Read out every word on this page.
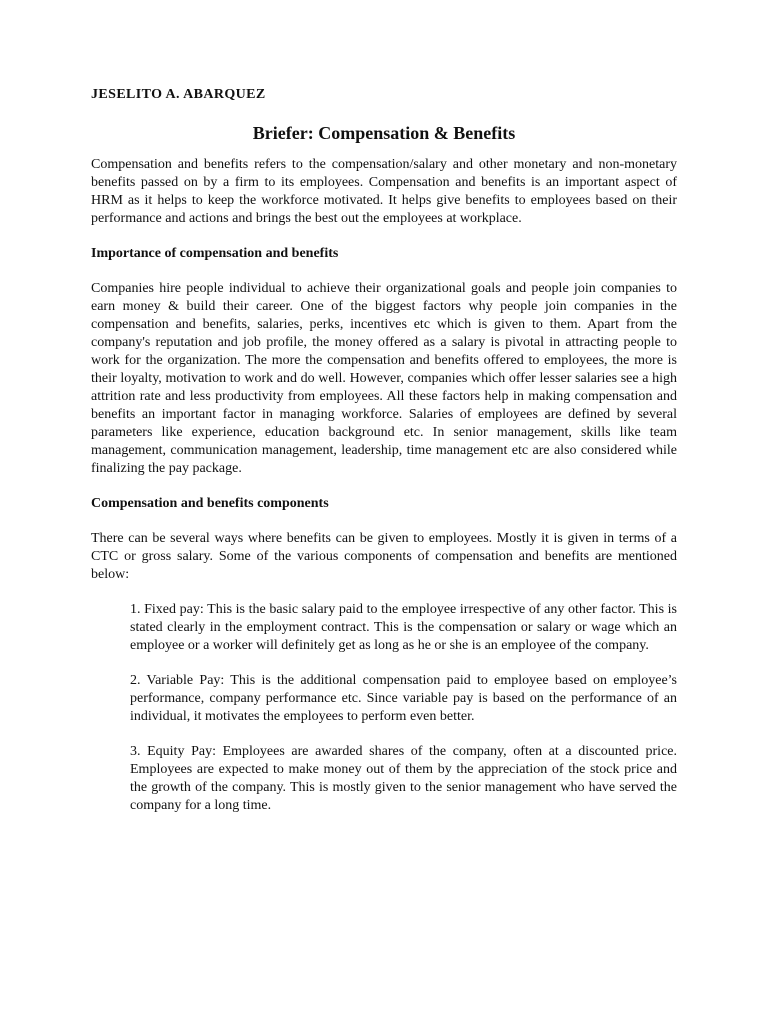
JESELITO A. ABARQUEZ
Briefer: Compensation & Benefits

Compensation and benefits refers to the compensation/salary and other monetary and non-monetary benefits passed on by a firm to its employees. Compensation and benefits is an important aspect of HRM as it helps to keep the workforce motivated. It helps give benefits to employees based on their performance and actions and brings the best out the employees at workplace.

Importance of compensation and benefits

Companies hire people individual to achieve their organizational goals and people join companies to earn money & build their career. One of the biggest factors why people join companies in the compensation and benefits, salaries, perks, incentives etc which is given to them. Apart from the company's reputation and job profile, the money offered as a salary is pivotal in attracting people to work for the organization. The more the compensation and benefits offered to employees, the more is their loyalty, motivation to work and do well. However, companies which offer lesser salaries see a high attrition rate and less productivity from employees. All these factors help in making compensation and benefits an important factor in managing workforce. Salaries of employees are defined by several parameters like experience, education background etc. In senior management, skills like team management, communication management, leadership, time management etc are also considered while finalizing the pay package.

Compensation and benefits components

There can be several ways where benefits can be given to employees. Mostly it is given in terms of a CTC or gross salary. Some of the various components of compensation and benefits are mentioned below:

1. Fixed pay: This is the basic salary paid to the employee irrespective of any other factor. This is stated clearly in the employment contract. This is the compensation or salary or wage which an employee or a worker will definitely get as long as he or she is an employee of the company.

2. Variable Pay: This is the additional compensation paid to employee based on employee’s performance, company performance etc. Since variable pay is based on the performance of an individual, it motivates the employees to perform even better.

3. Equity Pay: Employees are awarded shares of the company, often at a discounted price. Employees are expected to make money out of them by the appreciation of the stock price and the growth of the company. This is mostly given to the senior management who have served the company for a long time.
